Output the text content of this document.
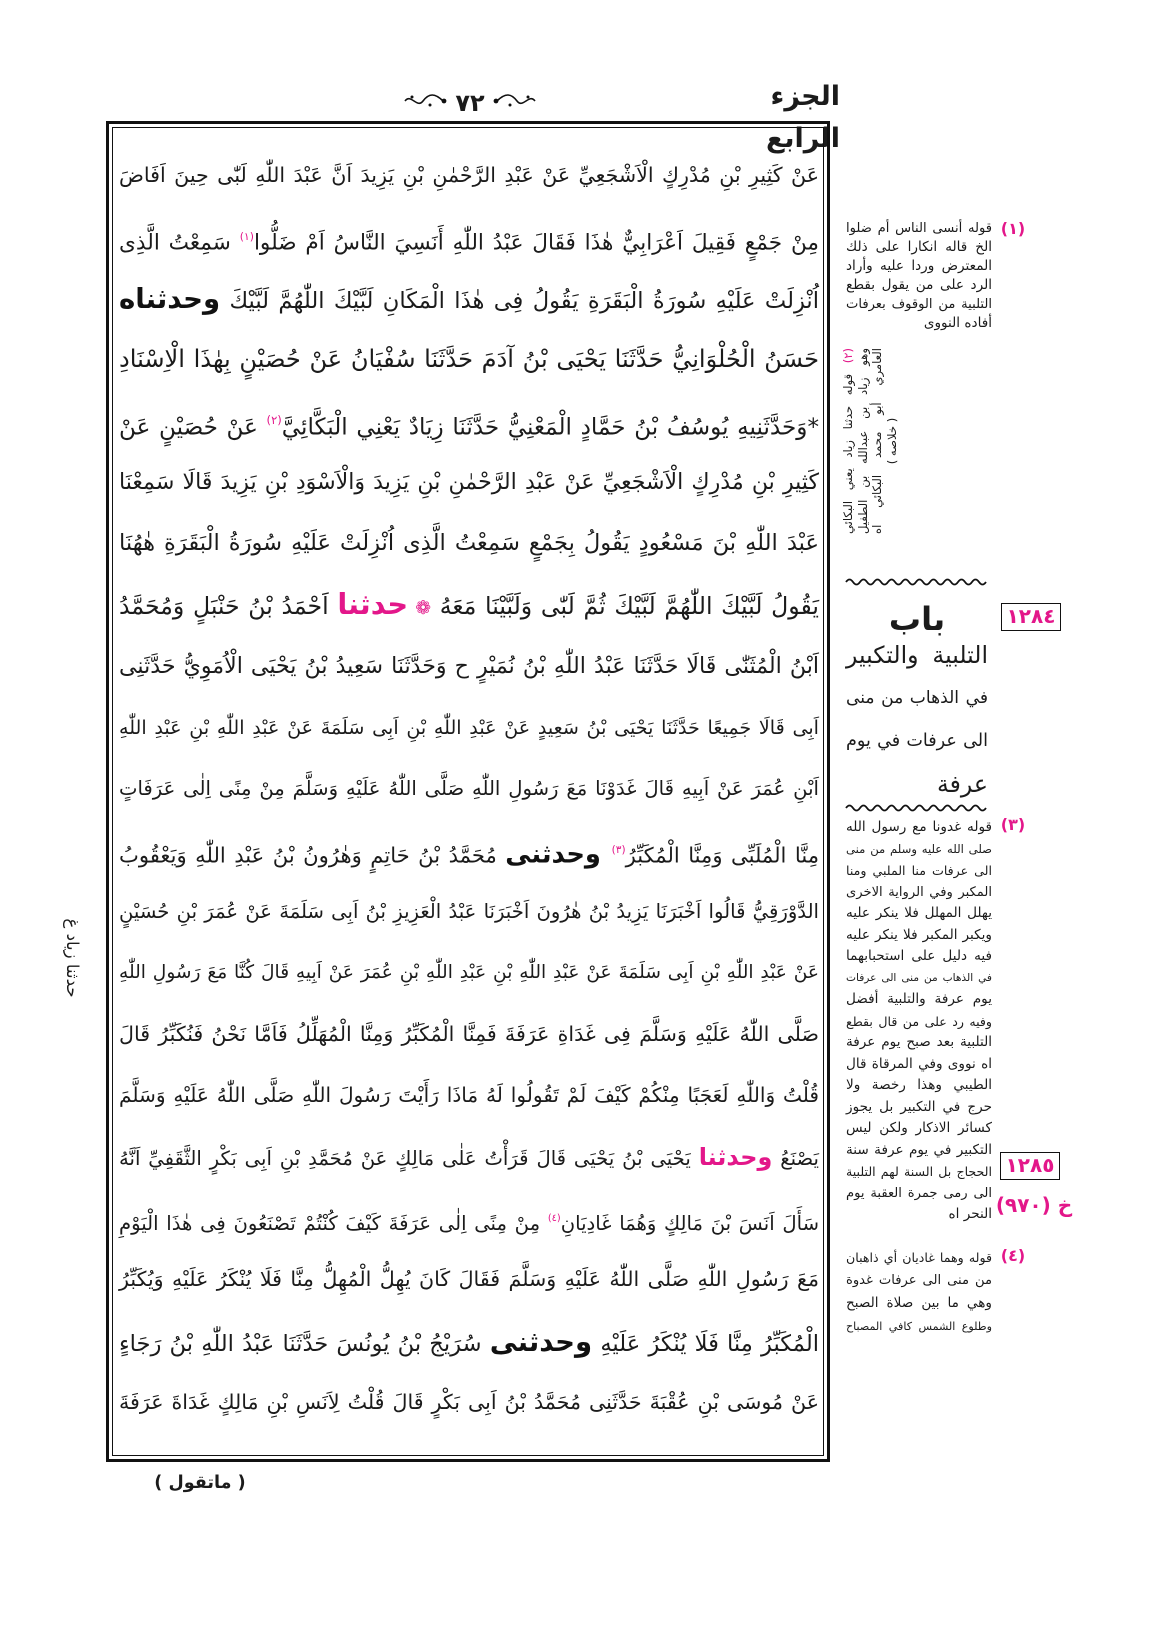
الجزء الرابع
٧٢
عَنْ كَثِيرِ بْنِ مُدْرِكٍ الْاَشْجَعِيِّ عَنْ عَبْدِ الرَّحْمٰنِ بْنِ يَزِيدَ اَنَّ عَبْدَ اللّٰهِ لَبّٰى حِينَ اَفَاضَ
مِنْ جَمْعٍ فَقِيلَ اَعْرَابِيٌّ هٰذَا فَقَالَ عَبْدُ اللّٰهِ أَنَسِيَ النَّاسُ اَمْ ضَلُّوا$^{(١)}$ سَمِعْتُ الَّذِى
اُنْزِلَتْ عَلَيْهِ سُورَةُ الْبَقَرَةِ يَقُولُ فِى هٰذَا الْمَكَانِ لَبَّيْكَ اللّٰهُمَّ لَبَّيْكَ وحدثناه
حَسَنُ الْحُلْوَانِيُّ حَدَّثَنَا يَحْيَى بْنُ آدَمَ حَدَّثَنَا سُفْيَانُ عَنْ حُصَيْنٍ بِهٰذَا الْاِسْنَادِ
*وَحَدَّثَنِيهِ يُوسُفُ بْنُ حَمَّادٍ الْمَعْنِيُّ حَدَّثَنَا زِيَادٌ يَعْنِي الْبَكَّائِيَّ$^{(٢)}$ عَنْ حُصَيْنٍ عَنْ
كَثِيرِ بْنِ مُدْرِكٍ الْاَشْجَعِيِّ عَنْ عَبْدِ الرَّحْمٰنِ بْنِ يَزِيدَ وَالْاَسْوَدِ بْنِ يَزِيدَ قَالَا سَمِعْنَا
عَبْدَ اللّٰهِ بْنَ مَسْعُودٍ يَقُولُ بِجَمْعٍ سَمِعْتُ الَّذِى اُنْزِلَتْ عَلَيْهِ سُورَةُ الْبَقَرَةِ هٰهُنَا
يَقُولُ لَبَّيْكَ اللّٰهُمَّ لَبَّيْكَ ثُمَّ لَبّٰى وَلَبَّيْنَا مَعَهُ ❁ حدثنا اَحْمَدُ بْنُ حَنْبَلٍ وَمُحَمَّدُ
اَبْنُ الْمُثَنّٰى قَالَا حَدَّثَنَا عَبْدُ اللّٰهِ بْنُ نُمَيْرٍ ح وَحَدَّثَنَا سَعِيدُ بْنُ يَحْيَى الْاُمَوِيُّ حَدَّثَنِى
اَبِى قَالَا جَمِيعًا حَدَّثَنَا يَحْيَى بْنُ سَعِيدٍ عَنْ عَبْدِ اللّٰهِ بْنِ اَبِى سَلَمَةَ عَنْ عَبْدِ اللّٰهِ بْنِ عَبْدِ اللّٰهِ
اَبْنِ عُمَرَ عَنْ اَبِيهِ قَالَ غَدَوْنَا مَعَ رَسُولِ اللّٰهِ صَلَّى اللّٰهُ عَلَيْهِ وَسَلَّمَ مِنْ مِنًى اِلٰى عَرَفَاتٍ
مِنَّا الْمُلَبِّى وَمِنَّا الْمُكَبِّرُ$^{(٣)}$ وحدثنى مُحَمَّدُ بْنُ حَاتِمٍ وَهٰرُونُ بْنُ عَبْدِ اللّٰهِ وَيَعْقُوبُ
الدَّوْرَقِيُّ قَالُوا اَخْبَرَنَا يَزِيدُ بْنُ هٰرُونَ اَخْبَرَنَا عَبْدُ الْعَزِيزِ بْنُ اَبِى سَلَمَةَ عَنْ عُمَرَ بْنِ حُسَيْنٍ
عَنْ عَبْدِ اللّٰهِ بْنِ اَبِى سَلَمَةَ عَنْ عَبْدِ اللّٰهِ بْنِ عَبْدِ اللّٰهِ بْنِ عُمَرَ عَنْ اَبِيهِ قَالَ كُنَّا مَعَ رَسُولِ اللّٰهِ
صَلَّى اللّٰهُ عَلَيْهِ وَسَلَّمَ فِى غَدَاةِ عَرَفَةَ فَمِنَّا الْمُكَبِّرُ وَمِنَّا الْمُهَلِّلُ فَاَمَّا نَحْنُ فَنُكَبِّرُ قَالَ
قُلْتُ وَاللّٰهِ لَعَجَبًا مِنْكُمْ كَيْفَ لَمْ تَقُولُوا لَهُ مَاذَا رَأَيْتَ رَسُولَ اللّٰهِ صَلَّى اللّٰهُ عَلَيْهِ وَسَلَّمَ
يَصْنَعُ وحدثنا يَحْيَى بْنُ يَحْيَى قَالَ قَرَأْتُ عَلٰى مَالِكٍ عَنْ مُحَمَّدِ بْنِ اَبِى بَكْرٍ الثَّقَفِيِّ اَنَّهُ
سَأَلَ اَنَسَ بْنَ مَالِكٍ وَهُمَا غَادِيَانِ$^{(٤)}$ مِنْ مِنًى اِلٰى عَرَفَةَ كَيْفَ كُنْتُمْ تَصْنَعُونَ فِى هٰذَا الْيَوْمِ
مَعَ رَسُولِ اللّٰهِ صَلَّى اللّٰهُ عَلَيْهِ وَسَلَّمَ فَقَالَ كَانَ يُهِلُّ الْمُهِلُّ مِنَّا فَلَا يُنْكَرُ عَلَيْهِ وَيُكَبِّرُ
الْمُكَبِّرُ مِنَّا فَلَا يُنْكَرُ عَلَيْهِ وحدثنى سُرَيْجُ بْنُ يُونُسَ حَدَّثَنَا عَبْدُ اللّٰهِ بْنُ رَجَاءٍ
عَنْ مُوسَى بْنِ عُقْبَةَ حَدَّثَنِى مُحَمَّدُ بْنُ اَبِى بَكْرٍ قَالَ قُلْتُ لِاَنَسِ بْنِ مَالِكٍ غَدَاةَ عَرَفَةَ
(١)
قوله أنسى الناس أم ضلوا
الخ قاله انكارا على ذلك
المعترض وردا عليه وأراد
الرد على من يقول بقطع
التلبية من الوقوف بعرفات
أفاده النووى
(٢) قوله حدثنا زياد يعني البكائي وهو زياد بن عبدالله بن الطفيل العامري أبو محمد البكائي اه ( خلاصه )
١٢٨٤
باب
التلبية والتكبير
في الذهاب من منى
الى عرفات في يوم
عرفة
(٣)
قوله غدونا مع رسول الله
صلى الله عليه وسلم من منى
الى عرفات منا الملبي ومنا
المكبر وفي الرواية الاخرى
يهلل المهلل فلا ينكر عليه
ويكبر المكبر فلا ينكر عليه
فيه دليل على استحبابهما
في الذهاب من منى الى عرفات
يوم عرفة والتلبية أفضل
وفيه رد على من قال بقطع
التلبية بعد صبح يوم عرفة
اه نووى وفي المرقاة قال
الطيبي وهذا رخصة ولا
حرج في التكبير بل يجوز
كسائر الاذكار ولكن ليس
التكبير في يوم عرفة سنة
الحجاج بل السنة لهم التلبية
الى رمى جمرة العقبة يوم
النحر اه
١٢٨٥
خ (٩٧٠)
(٤)
قوله وهما غاديان أي ذاهبان
من منى الى عرفات غدوة
وهي ما بين صلاة الصبح
وطلوع الشمس كافي المصباح
حدثنا زياد غ
( ماتقول )
